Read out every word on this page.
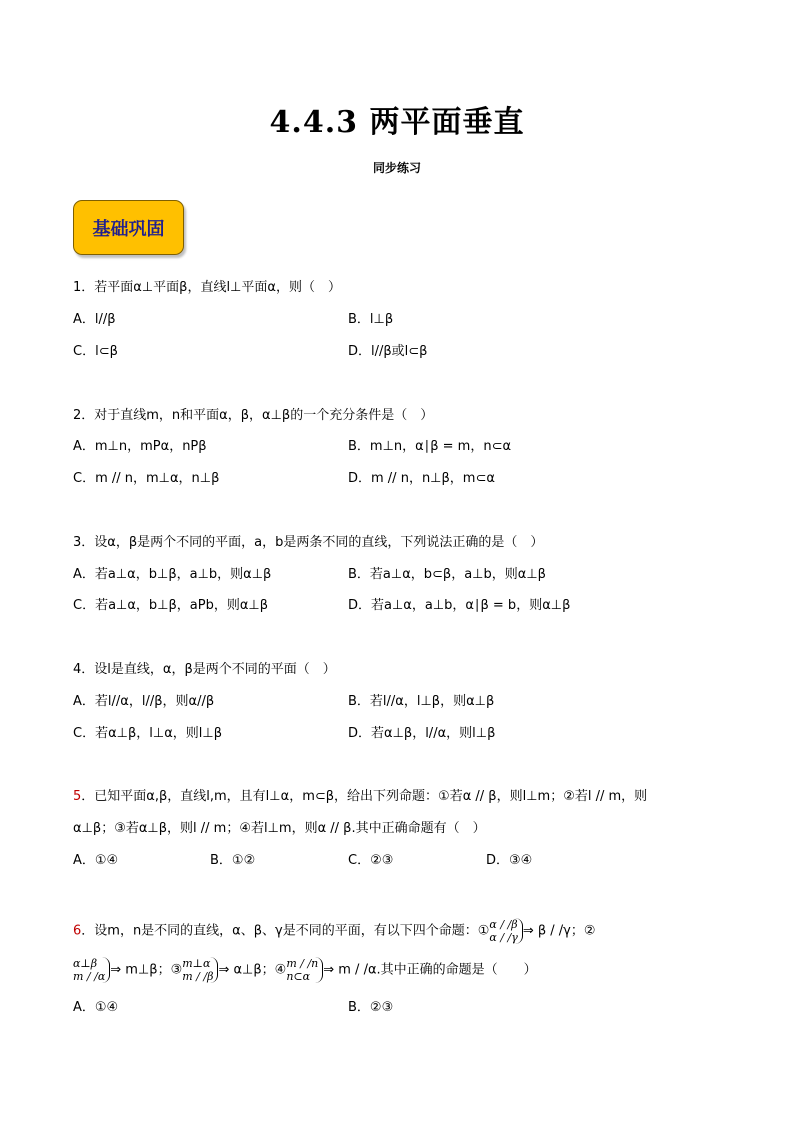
4.4.3 两平面垂直
同步练习
基础巩固
1．若平面α⊥平面β，直线l⊥平面α，则（　）
A．l//β	B．l⊥β
C．l⊂β	D．l//β或l⊂β
2．对于直线m，n和平面α，β，α⊥β的一个充分条件是（　）
A．m⊥n，mPα，nPβ	B．m⊥n，α∣β = m，n⊂α
C．m // n，m⊥α，n⊥β	D．m // n，n⊥β，m⊂α
3．设α，β是两个不同的平面，a，b是两条不同的直线，下列说法正确的是（　）
A．若a⊥α，b⊥β，a⊥b，则α⊥β	B．若a⊥α，b⊂β，a⊥b，则α⊥β
C．若a⊥α，b⊥β，aPb，则α⊥β	D．若a⊥α，a⊥b，α∣β = b，则α⊥β
4．设l是直线，α，β是两个不同的平面（　）
A．若l//α，l//β，则α//β	B．若l//α，l⊥β，则α⊥β
C．若α⊥β，l⊥α，则l⊥β	D．若α⊥β，l//α，则l⊥β
5．已知平面α,β，直线l,m，且有l⊥α，m⊂β，给出下列命题：①若α // β，则l⊥m；②若l // m，则
α⊥β；③若α⊥β，则l // m；④若l⊥m，则α // β.其中正确命题有（　）
A．①④	B．①②	C．②③	D．③④
6．设m，n是不同的直线，α、β、γ是不同的平面，有以下四个命题：①α / /β
α / /γ ⇒ β / /γ；②
α⊥β
m / /α ⇒ m⊥β；③m⊥α
m / /β ⇒ α⊥β；④m / /n
n⊂α ⇒ m / /α.其中正确的命题是（　　）
A．①④	B．②③
